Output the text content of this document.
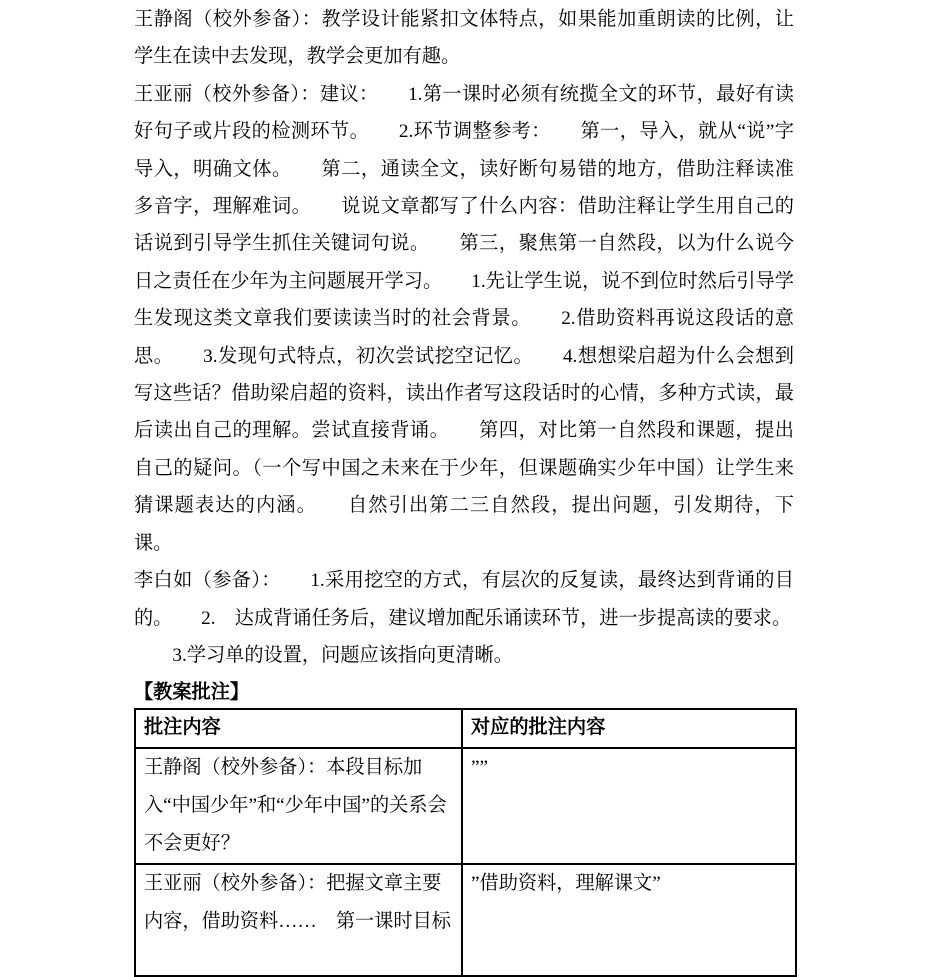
王静阁（校外参备）：教学设计能紧扣文体特点，如果能加重朗读的比例，让学生在读中去发现，教学会更加有趣。

王亚丽（校外参备）：建议：　　1.第一课时必须有统揽全文的环节，最好有读好句子或片段的检测环节。　　2.环节调整参考：　　第一，导入，就从“说”字导入，明确文体。　　第二，通读全文，读好断句易错的地方，借助注释读准多音字，理解难词。　　说说文章都写了什么内容：借助注释让学生用自己的话说到引导学生抓住关键词句说。　　第三，聚焦第一自然段，以为什么说今日之责任在少年为主问题展开学习。　　1.先让学生说，说不到位时然后引导学生发现这类文章我们要读读当时的社会背景。　　2.借助资料再说这段话的意思。　　3.发现句式特点，初次尝试挖空记忆。　　4.想想梁启超为什么会想到写这些话？借助梁启超的资料，读出作者写这段话时的心情，多种方式读，最后读出自己的理解。尝试直接背诵。　　第四，对比第一自然段和课题，提出自己的疑问。（一个写中国之未来在于少年，但课题确实少年中国）让学生来猜课题表达的内涵。　　自然引出第二三自然段，提出问题，引发期待，下课。

李白如（参备）：　　1.采用挖空的方式，有层次的反复读，最终达到背诵的目的。　　2.　达成背诵任务后，建议增加配乐诵读环节，进一步提高读的要求。

　　3.学习单的设置，问题应该指向更清晰。

【教案批注】

批注内容	对应的批注内容
王静阁（校外参备）：本段目标加入“中国少年”和“少年中国”的关系会不会更好？	””
王亚丽（校外参备）：把握文章主要内容，借助资料……　第一课时目标	”借助资料，理解课文”
